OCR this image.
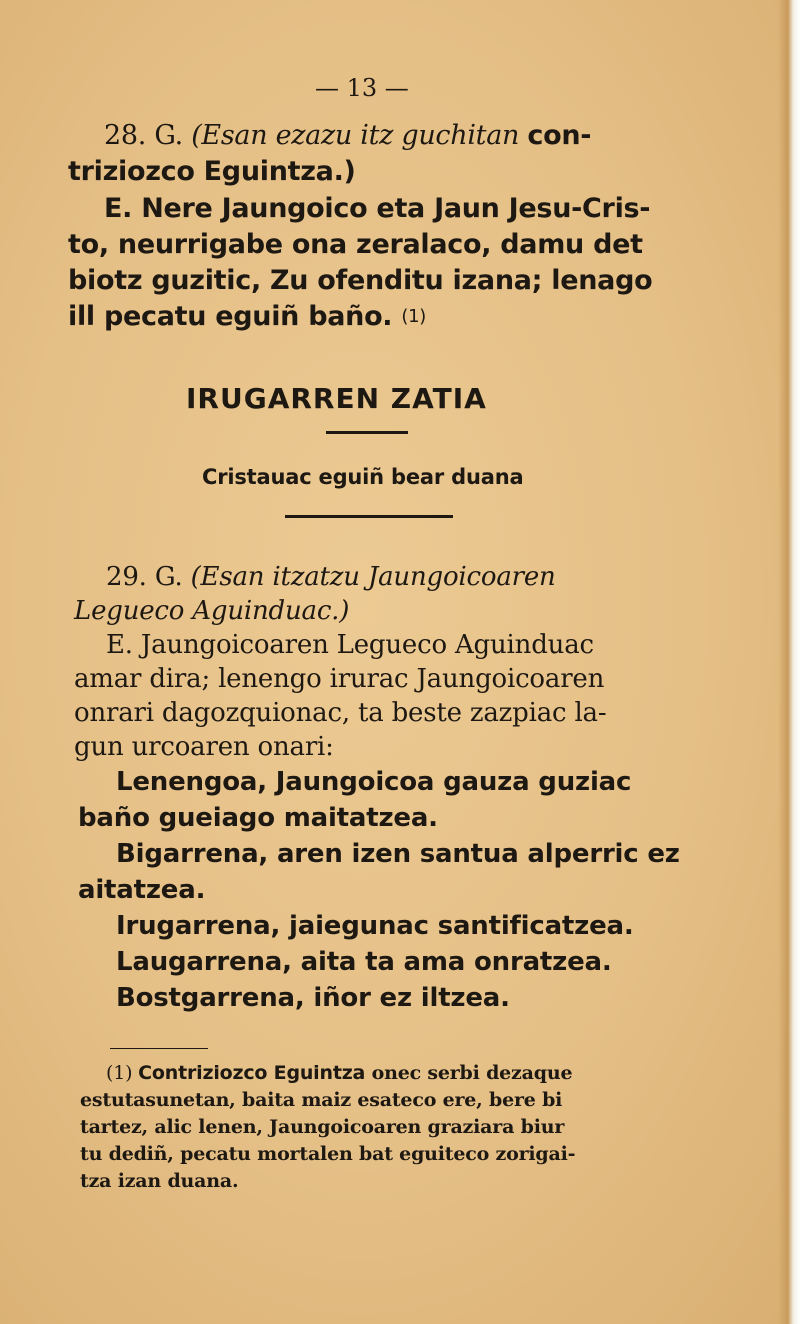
— 13 —
28. G. (Esan ezazu itz guchitan con-
triziozco Eguintza.)
E. Nere Jaungoico eta Jaun Jesu-Cris-
to, neurrigabe ona zeralaco, damu det
biotz guzitic, Zu ofenditu izana; lenago
ill pecatu eguiñ baño. (1)
IRUGARREN ZATIA
Cristauac eguiñ bear duana
29. G. (Esan itzatzu Jaungoicoaren
Legueco Aguinduac.)
E. Jaungoicoaren Legueco Aguinduac
amar dira; lenengo irurac Jaungoicoaren
onrari dagozquionac, ta beste zazpiac la-
gun urcoaren onari:
Lenengoa, Jaungoicoa gauza guziac
baño gueiago maitatzea.
Bigarrena, aren izen santua alperric ez
aitatzea.
Irugarrena, jaiegunac santificatzea.
Laugarrena, aita ta ama onratzea.
Bostgarrena, iñor ez iltzea.
(1) Contriziozco Eguintza onec serbi dezaque
estutasunetan, baita maiz esateco ere, bere bi
tartez, alic lenen, Jaungoicoaren graziara biur
tu dediñ, pecatu mortalen bat eguiteco zorigai-
tza izan duana.
